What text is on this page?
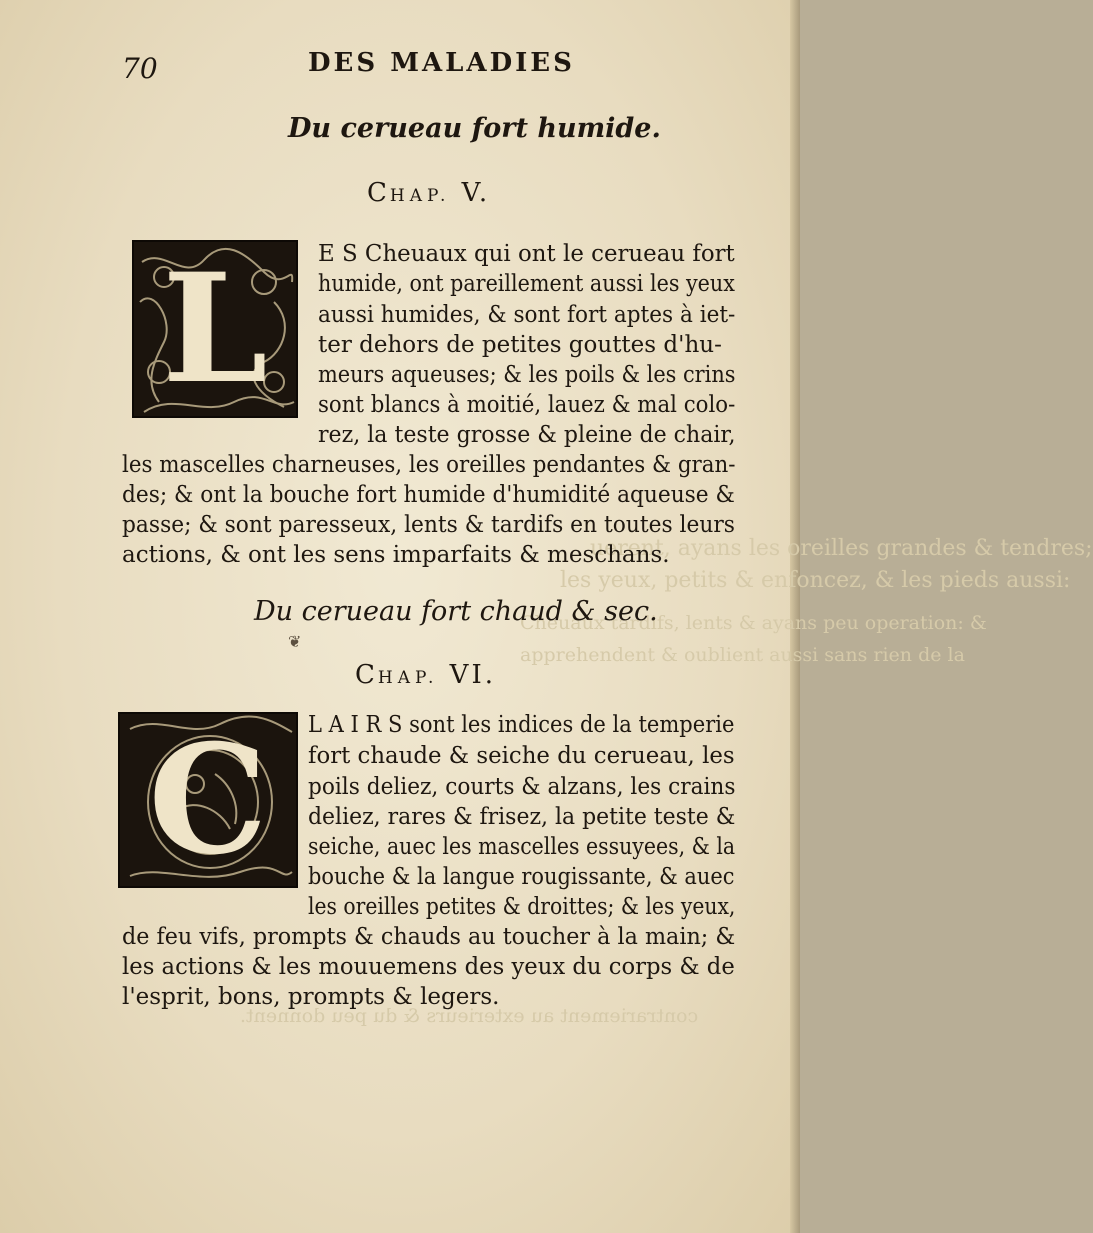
uerent, ayans les oreilles grandes & tendres;
les yeux, petits & enfoncez, & les pieds aussi:
Cheuaux tardifs, lents & ayans peu operation: &
apprehendent & oublient aussi sans rien de la
contrariement au exterieurs & du peu donnent.
70	DES MALADIES
Du cerueau fort humide.
CHAP. V.
L	E S Cheuaux qui ont le cerueau fort
humide, ont pareillement aussi les yeux
aussi humides, & sont fort aptes à iet-
ter dehors de petites gouttes d'hu-
meurs aqueuses; & les poils & les crins
sont blancs à moitié, lauez & mal colo-
rez, la teste grosse & pleine de chair,
les mascelles charneuses, les oreilles pendantes & gran-
des; & ont la bouche fort humide d'humidité aqueuse &
passe; & sont paresseux, lents & tardifs en toutes leurs
actions, & ont les sens imparfaits & meschans.
Du cerueau fort chaud & sec.
❦
CHAP. VI.
C	L A I R S sont les indices de la temperie
fort chaude & seiche du cerueau, les
poils deliez, courts & alzans, les crains
deliez, rares & frisez, la petite teste &
seiche, auec les mascelles essuyees, & la
bouche & la langue rougissante, & auec
les oreilles petites & droittes; & les yeux,
de feu vifs, prompts & chauds au toucher à la main; &
les actions & les mouuemens des yeux du corps & de
l'esprit, bons, prompts & legers.
